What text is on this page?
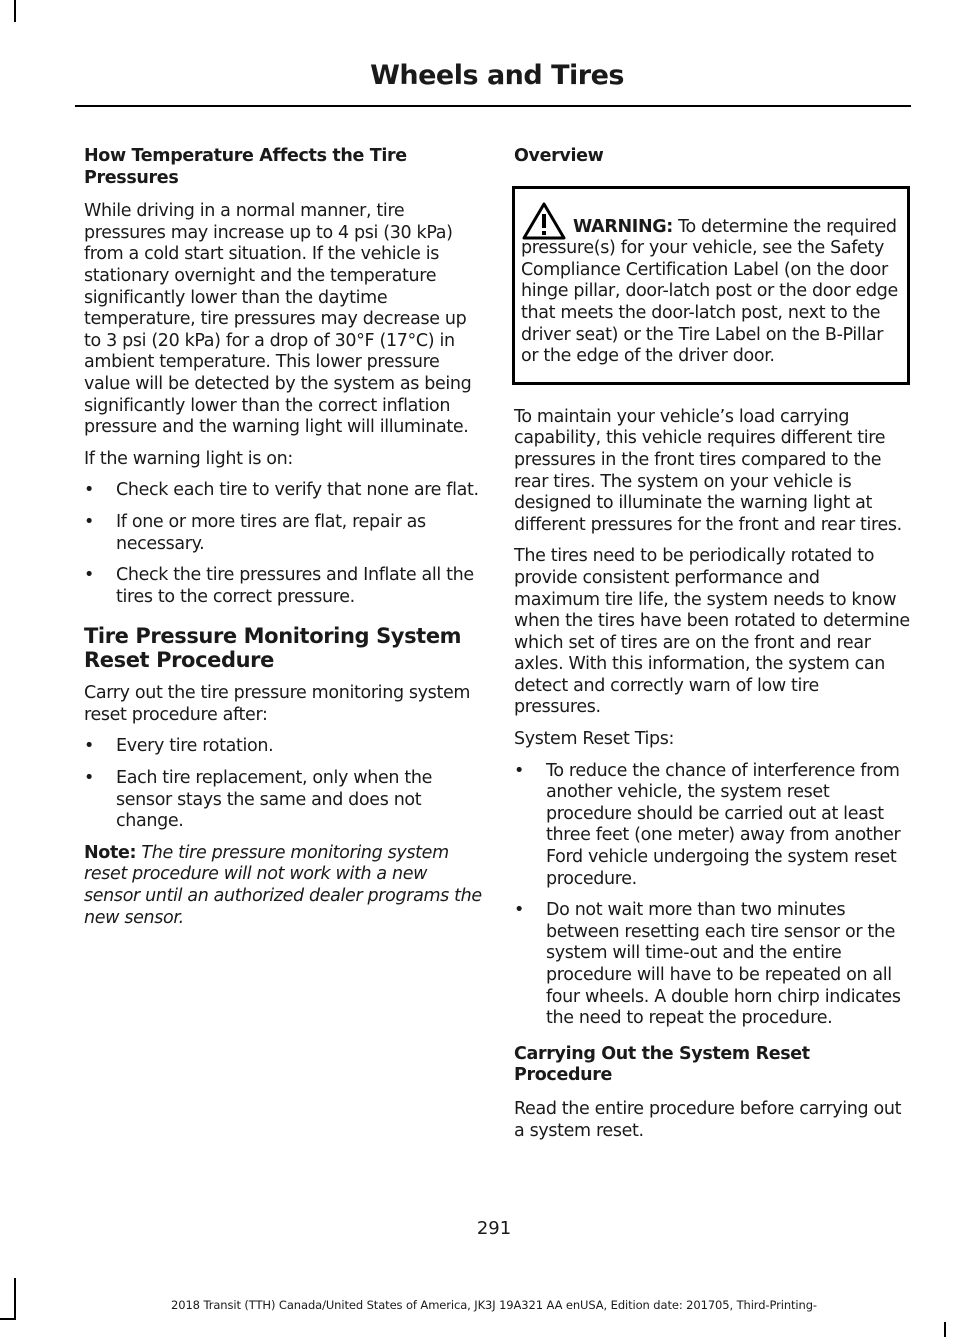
Wheels and Tires
How Temperature Affects the Tire Pressures

While driving in a normal manner, tire pressures may increase up to 4 psi (30 kPa) from a cold start situation. If the vehicle is stationary overnight and the temperature significantly lower than the daytime temperature, tire pressures may decrease up to 3 psi (20 kPa) for a drop of 30°F (17°C) in ambient temperature. This lower pressure value will be detected by the system as being significantly lower than the correct inflation pressure and the warning light will illuminate.

If the warning light is on:

• Check each tire to verify that none are flat.
• If one or more tires are flat, repair as necessary.
• Check the tire pressures and Inflate all the tires to the correct pressure.
Tire Pressure Monitoring System Reset Procedure

Carry out the tire pressure monitoring system reset procedure after:

• Every tire rotation.
• Each tire replacement, only when the sensor stays the same and does not change.

Note: The tire pressure monitoring system reset procedure will not work with a new sensor until an authorized dealer programs the new sensor.

Overview
WARNING: To determine the required pressure(s) for your vehicle, see the Safety Compliance Certification Label (on the door hinge pillar, door-latch post or the door edge that meets the door-latch post, next to the driver seat) or the Tire Label on the B-Pillar or the edge of the driver door.

To maintain your vehicle’s load carrying capability, this vehicle requires different tire pressures in the front tires compared to the rear tires. The system on your vehicle is designed to illuminate the warning light at different pressures for the front and rear tires.

The tires need to be periodically rotated to provide consistent performance and maximum tire life, the system needs to know when the tires have been rotated to determine which set of tires are on the front and rear axles. With this information, the system can detect and correctly warn of low tire pressures.

System Reset Tips:

• To reduce the chance of interference from another vehicle, the system reset procedure should be carried out at least three feet (one meter) away from another Ford vehicle undergoing the system reset procedure.
• Do not wait more than two minutes between resetting each tire sensor or the system will time-out and the entire procedure will have to be repeated on all four wheels. A double horn chirp indicates the need to repeat the procedure.
Carrying Out the System Reset Procedure

Read the entire procedure before carrying out a system reset.

291
2018 Transit (TTH) Canada/United States of America, JK3J 19A321 AA enUSA, Edition date: 201705, Third-Printing-
